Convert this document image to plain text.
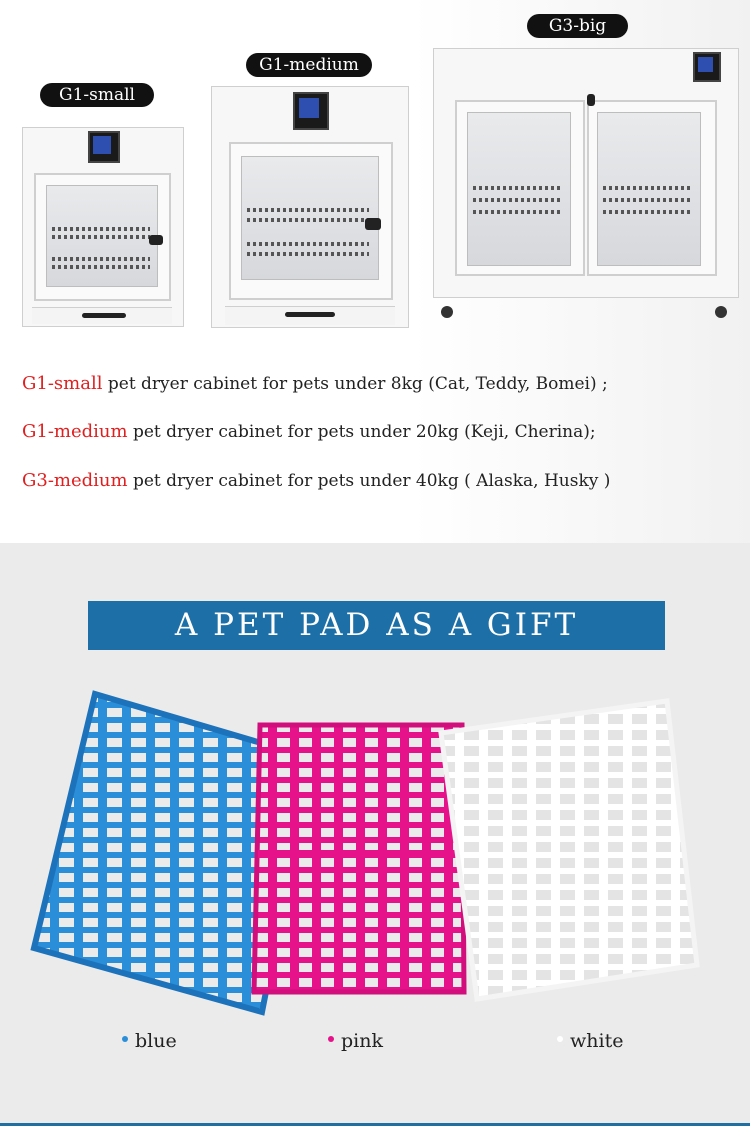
G1-small
G1-medium
G3-big
G1-small pet dryer cabinet for pets under 8kg (Cat, Teddy, Bomei) ;
G1-medium pet dryer cabinet for pets under 20kg (Keji, Cherina);
G3-medium pet dryer cabinet for pets under 40kg ( Alaska, Husky )
A PET PAD AS A GIFT
blue	pink	white
